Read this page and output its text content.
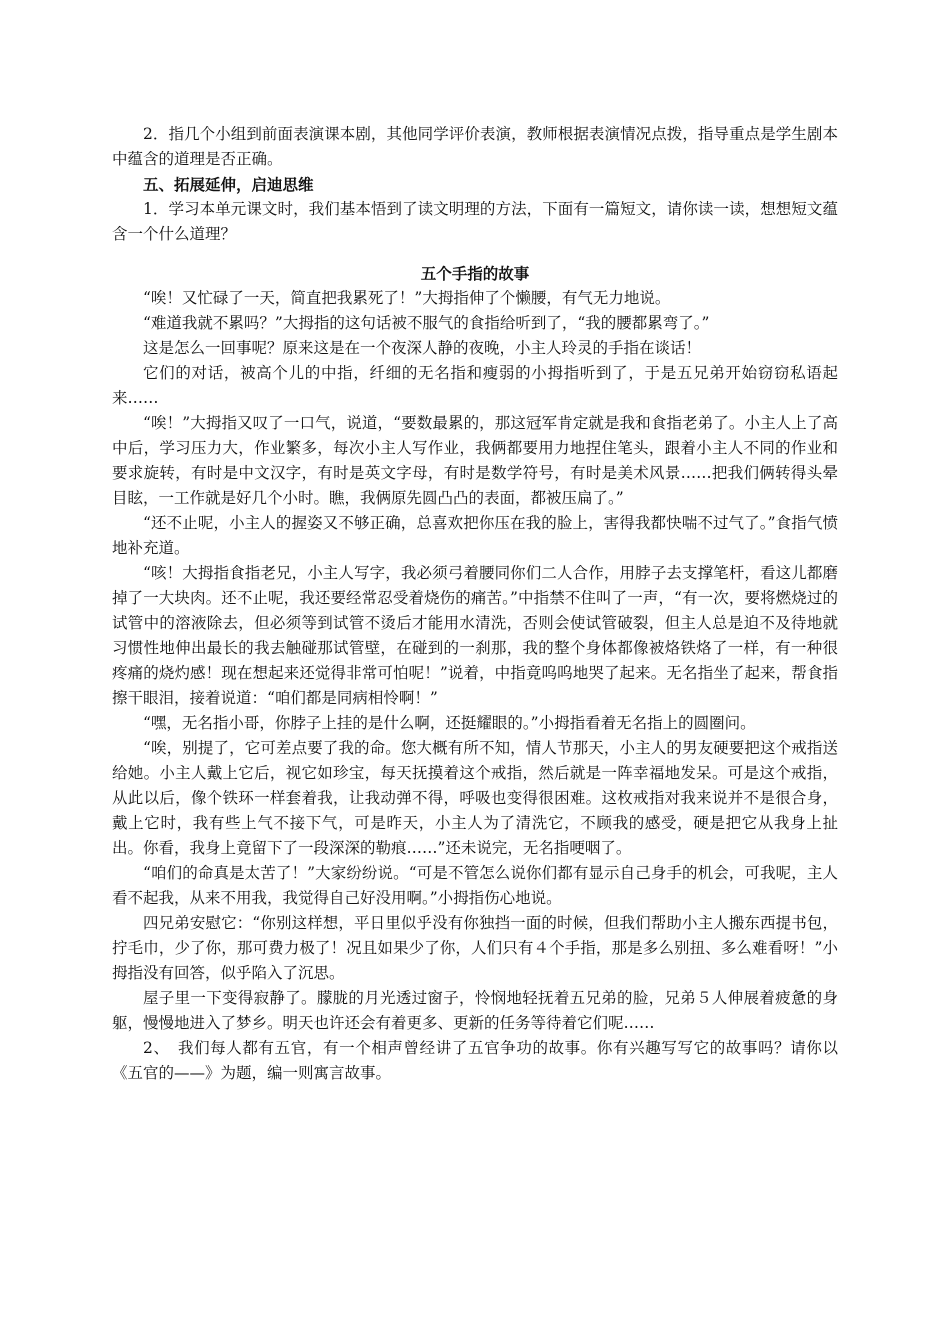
2．指几个小组到前面表演课本剧，其他同学评价表演，教师根据表演情况点拨，指导重点是学生剧本中蕴含的道理是否正确。

五、拓展延伸，启迪思维

1．学习本单元课文时，我们基本悟到了读文明理的方法，下面有一篇短文，请你读一读，想想短文蕴含一个什么道理？

五个手指的故事

“唉！又忙碌了一天，简直把我累死了！”大拇指伸了个懒腰，有气无力地说。

“难道我就不累吗？”大拇指的这句话被不服气的食指给听到了，“我的腰都累弯了。”

这是怎么一回事呢？原来这是在一个夜深人静的夜晚，小主人玲灵的手指在谈话！

它们的对话，被高个儿的中指，纤细的无名指和瘦弱的小拇指听到了，于是五兄弟开始窃窃私语起来……

“唉！”大拇指又叹了一口气，说道，“要数最累的，那这冠军肯定就是我和食指老弟了。小主人上了高中后，学习压力大，作业繁多，每次小主人写作业，我俩都要用力地捏住笔头，跟着小主人不同的作业和要求旋转，有时是中文汉字，有时是英文字母，有时是数学符号，有时是美术风景……把我们俩转得头晕目眩，一工作就是好几个小时。瞧，我俩原先圆凸凸的表面，都被压扁了。”

“还不止呢，小主人的握姿又不够正确，总喜欢把你压在我的脸上，害得我都快喘不过气了。”食指气愤地补充道。

“咳！大拇指食指老兄，小主人写字，我必须弓着腰同你们二人合作，用脖子去支撑笔杆，看这儿都磨掉了一大块肉。还不止呢，我还要经常忍受着烧伤的痛苦。”中指禁不住叫了一声，“有一次，要将燃烧过的试管中的溶液除去，但必须等到试管不烫后才能用水清洗，否则会使试管破裂，但主人总是迫不及待地就习惯性地伸出最长的我去触碰那试管壁，在碰到的一刹那，我的整个身体都像被烙铁烙了一样，有一种很疼痛的烧灼感！现在想起来还觉得非常可怕呢！”说着，中指竟呜呜地哭了起来。无名指坐了起来，帮食指擦干眼泪，接着说道：“咱们都是同病相怜啊！”

“嘿，无名指小哥，你脖子上挂的是什么啊，还挺耀眼的。”小拇指看着无名指上的圆圈问。

“唉，别提了，它可差点要了我的命。您大概有所不知，情人节那天，小主人的男友硬要把这个戒指送给她。小主人戴上它后，视它如珍宝，每天抚摸着这个戒指，然后就是一阵幸福地发呆。可是这个戒指，从此以后，像个铁环一样套着我，让我动弹不得，呼吸也变得很困难。这枚戒指对我来说并不是很合身，戴上它时，我有些上气不接下气，可是昨天，小主人为了清洗它，不顾我的感受，硬是把它从我身上扯出。你看，我身上竟留下了一段深深的勒痕……”还未说完，无名指哽咽了。

“咱们的命真是太苦了！”大家纷纷说。“可是不管怎么说你们都有显示自己身手的机会，可我呢，主人看不起我，从来不用我，我觉得自己好没用啊。”小拇指伤心地说。

四兄弟安慰它：“你别这样想，平日里似乎没有你独挡一面的时候，但我们帮助小主人搬东西提书包，拧毛巾，少了你，那可费力极了！况且如果少了你，人们只有４个手指，那是多么别扭、多么难看呀！”小拇指没有回答，似乎陷入了沉思。

屋子里一下变得寂静了。朦胧的月光透过窗子，怜悯地轻抚着五兄弟的脸，兄弟５人伸展着疲惫的身躯，慢慢地进入了梦乡。明天也许还会有着更多、更新的任务等待着它们呢……

2、　我们每人都有五官，有一个相声曾经讲了五官争功的故事。你有兴趣写写它的故事吗？请你以《五官的——》为题，编一则寓言故事。
